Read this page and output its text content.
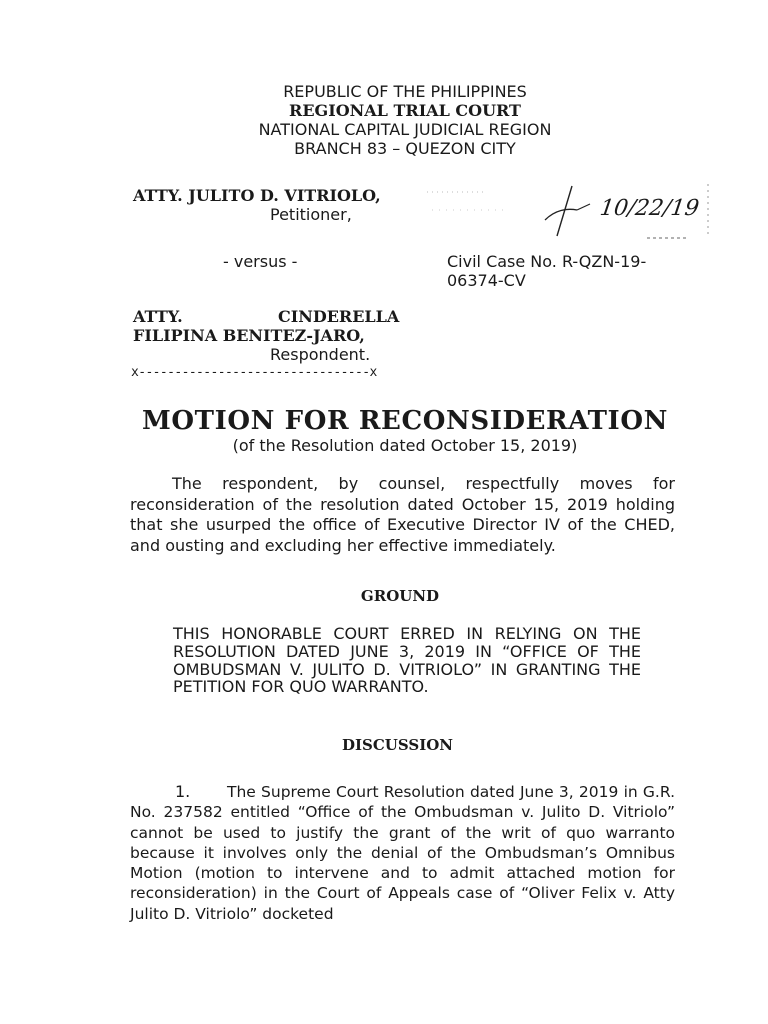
REPUBLIC OF THE PHILIPPINES
REGIONAL TRIAL COURT
NATIONAL CAPITAL JUDICIAL REGION
BRANCH 83 – QUEZON CITY
ATTY. JULITO D. VITRIOLO,
Petitioner,	10/22/19
- versus -	Civil Case No. R-QZN-19-
06374-CV
ATTY.	CINDERELLA
FILIPINA BENITEZ-JARO,
Respondent.
x--------------------------------x
MOTION FOR RECONSIDERATION
(of the Resolution dated October 15, 2019)
The respondent, by counsel, respectfully moves for reconsideration of the resolution dated October 15, 2019 holding that she usurped the office of Executive Director IV of the CHED, and ousting and excluding her effective immediately.
GROUND
THIS HONORABLE COURT ERRED IN RELYING ON THE RESOLUTION DATED JUNE 3, 2019 IN “OFFICE OF THE OMBUDSMAN V. JULITO D. VITRIOLO” IN GRANTING THE PETITION FOR QUO WARRANTO.
DISCUSSION
1.	The Supreme Court Resolution dated June 3, 2019 in G.R. No. 237582 entitled “Office of the Ombudsman v. Julito D. Vitriolo” cannot be used to justify the grant of the writ of quo warranto because it involves only the denial of the Ombudsman’s Omnibus Motion (motion to intervene and to admit attached motion for reconsideration) in the Court of Appeals case of “Oliver Felix v. Atty Julito D. Vitriolo” docketed
